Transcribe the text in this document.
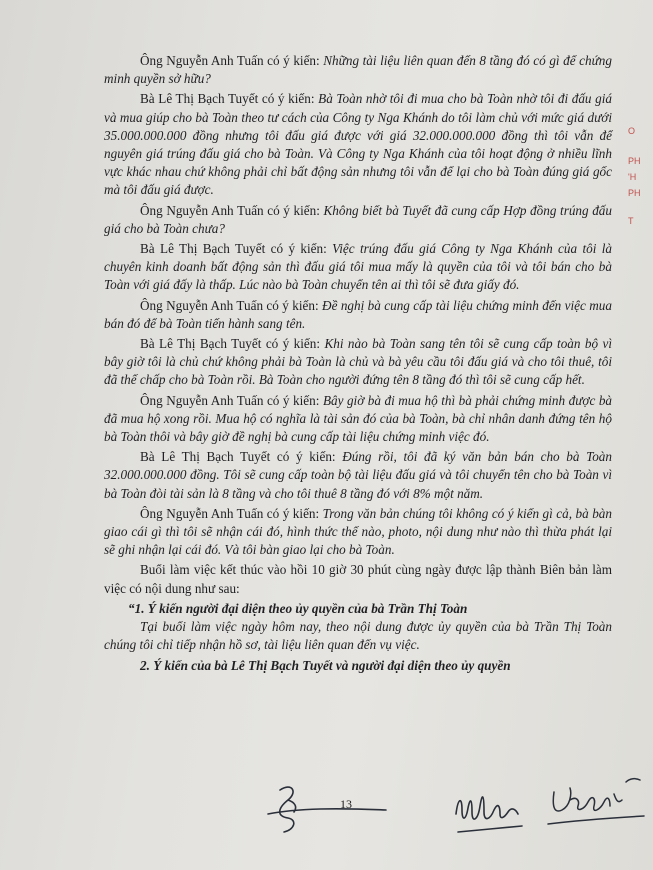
Ông Nguyễn Anh Tuấn có ý kiến: Những tài liệu liên quan đến 8 tầng đó có gì để chứng minh quyền sở hữu?

Bà Lê Thị Bạch Tuyết có ý kiến: Bà Toàn nhờ tôi đi mua cho bà Toàn nhờ tôi đi đấu giá và mua giúp cho bà Toàn theo tư cách của Công ty Nga Khánh do tôi làm chủ với mức giá dưới 35.000.000.000 đồng nhưng tôi đấu giá được với giá 32.000.000.000 đồng thì tôi vẫn để nguyên giá trúng đấu giá cho bà Toàn. Và Công ty Nga Khánh của tôi hoạt động ở nhiều lĩnh vực khác nhau chứ không phải chỉ bất động sản nhưng tôi vẫn để lại cho bà Toàn đúng giá gốc mà tôi đấu giá được.

Ông Nguyễn Anh Tuấn có ý kiến: Không biết bà Tuyết đã cung cấp Hợp đồng trúng đấu giá cho bà Toàn chưa?

Bà Lê Thị Bạch Tuyết có ý kiến: Việc trúng đấu giá Công ty Nga Khánh của tôi là chuyên kinh doanh bất động sản thì đấu giá tôi mua mấy là quyền của tôi và tôi bán cho bà Toàn với giá đấy là thấp. Lúc nào bà Toàn chuyển tên ai thì tôi sẽ đưa giấy đó.

Ông Nguyễn Anh Tuấn có ý kiến: Đề nghị bà cung cấp tài liệu chứng minh đến việc mua bán đó để bà Toàn tiến hành sang tên.

Bà Lê Thị Bạch Tuyết có ý kiến: Khi nào bà Toàn sang tên tôi sẽ cung cấp toàn bộ vì bây giờ tôi là chủ chứ không phải bà Toàn là chủ và bà yêu cầu tôi đấu giá và cho tôi thuê, tôi đã thế chấp cho bà Toàn rồi. Bà Toàn cho người đứng tên 8 tầng đó thì tôi sẽ cung cấp hết.

Ông Nguyễn Anh Tuấn có ý kiến: Bây giờ bà đi mua hộ thì bà phải chứng minh được bà đã mua hộ xong rồi. Mua hộ có nghĩa là tài sản đó của bà Toàn, bà chỉ nhân danh đứng tên hộ bà Toàn thôi và bây giờ đề nghị bà cung cấp tài liệu chứng minh việc đó.

Bà Lê Thị Bạch Tuyết có ý kiến: Đúng rồi, tôi đã ký văn bản bán cho bà Toàn 32.000.000.000 đồng. Tôi sẽ cung cấp toàn bộ tài liệu đấu giá và tôi chuyển tên cho bà Toàn vì bà Toàn đòi tài sản là 8 tầng và cho tôi thuê 8 tầng đó với 8% một năm.

Ông Nguyễn Anh Tuấn có ý kiến: Trong văn bản chúng tôi không có ý kiến gì cả, bà bàn giao cái gì thì tôi sẽ nhận cái đó, hình thức thế nào, photo, nội dung như nào thì thừa phát lại sẽ ghi nhận lại cái đó. Và tôi bàn giao lại cho bà Toàn.

Buổi làm việc kết thúc vào hồi 10 giờ 30 phút cùng ngày được lập thành Biên bản làm việc có nội dung như sau:

“1. Ý kiến người đại diện theo ủy quyền của bà Trần Thị Toàn

Tại buổi làm việc ngày hôm nay, theo nội dung được ủy quyền của bà Trần Thị Toàn chúng tôi chỉ tiếp nhận hồ sơ, tài liệu liên quan đến vụ việc.

2. Ý kiến của bà Lê Thị Bạch Tuyết và người đại diện theo ủy quyền

13
O
PH
'H
PH
T
